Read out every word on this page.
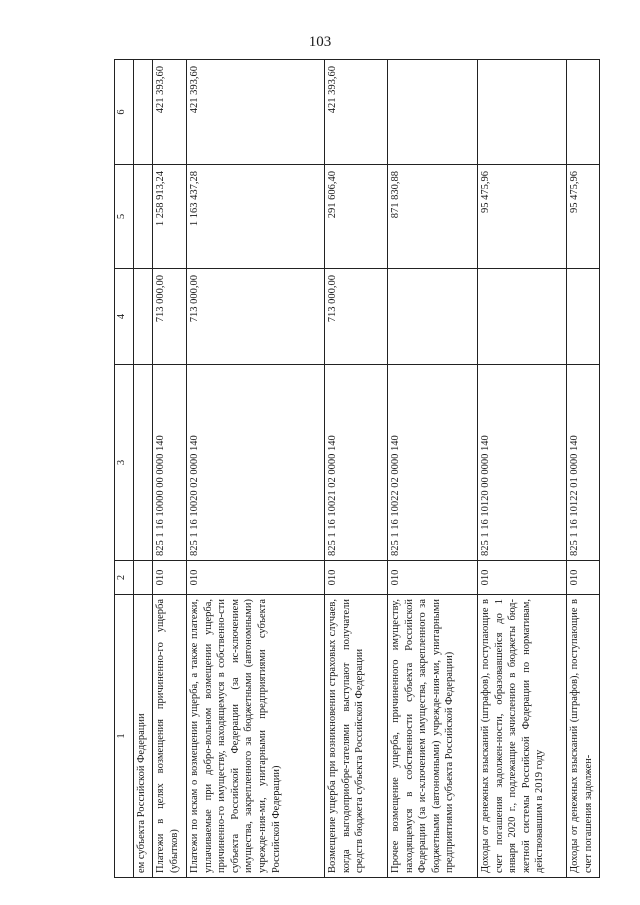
103
1	2	3	4	5	6
ем субъекта Российской Федерации					
Платежи в целях возмещения причиненно-го ущерба (убытков)	010	825 1 16 10000 00 0000 140	713 000,00	1 258 913,24	421 393,60
Платежи по искам о возмещении ущерба, а также платежи, уплачиваемые при добро-вольном возмещении ущерба, причиненно-го имуществу, находящемуся в собственно-сти субъекта Российской Федерации (за ис-ключением имущества, закрепленного за бюджетными (автономными) учрежде-ния-ми, унитарными предприятиями субъекта Российской Федерации)	010	825 1 16 10020 02 0000 140	713 000,00	1 163 437,28	421 393,60
Возмещение ущерба при возникновении страховых случаев, когда выгодоприобре-тателями выступают получатели средств бюджета субъекта Российской Федерации	010	825 1 16 10021 02 0000 140	713 000,00	291 606,40	421 393,60
Прочее возмещение ущерба, причиненного имуществу, находящемуся в собственности субъекта Российской Федерации (за ис-ключением имущества, закрепленного за бюджетными (автономными) учрежде-ния-ми, унитарными предприятиями субъекта Российской Федерации)	010	825 1 16 10022 02 0000 140		871 830,88	
Доходы от денежных взысканий (штрафов), поступающие в счет погашения задолжен-ности, образовавшейся до 1 января 2020 г., подлежащие зачислению в бюджеты бюд-жетной системы Российской Федерации по нормативам, действовавшим в 2019 году	010	825 1 16 10120 00 0000 140		95 475,96	
Доходы от денежных взысканий (штрафов), поступающие в счет погашения задолжен-	010	825 1 16 10122 01 0000 140		95 475,96	
